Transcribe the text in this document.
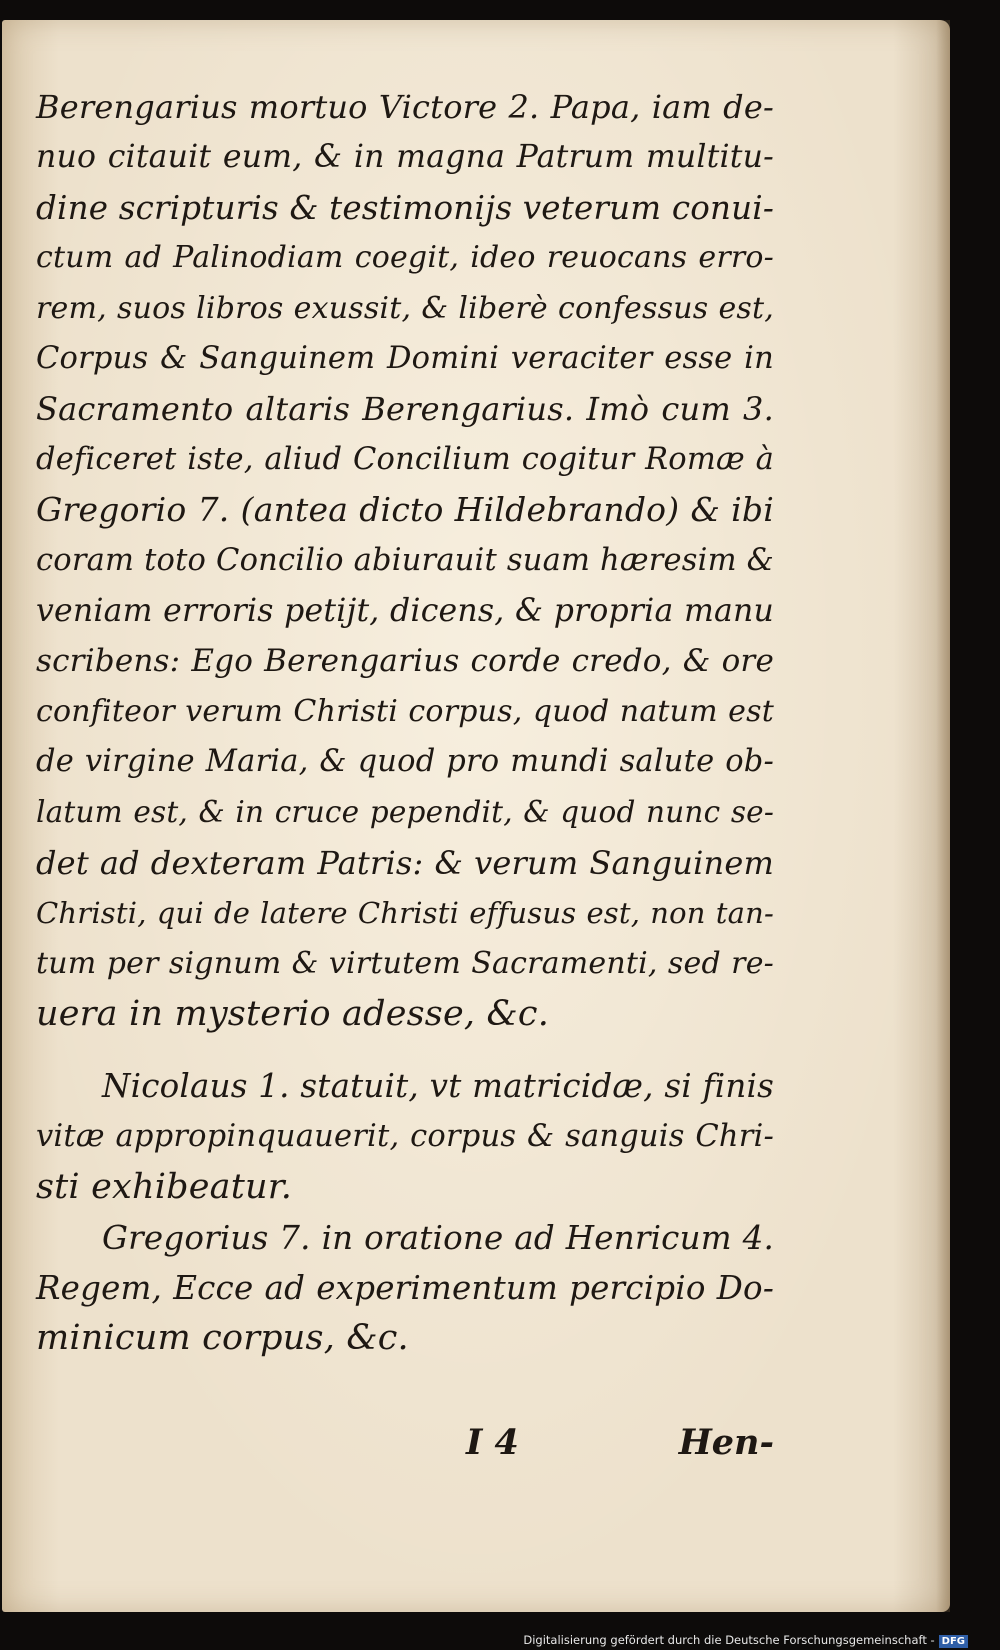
Berengarius mortuo Victore 2. Papa, iam de-
nuo citauit eum, & in magna Patrum multitu-
dine scripturis & testimonijs veterum conui-
ctum ad Palinodiam coegit, ideo reuocans erro-
rem, suos libros exussit, & liberè confessus est,
Corpus & Sanguinem Domini veraciter esse in
Sacramento altaris Berengarius. Imò cum 3.
deficeret iste, aliud Concilium cogitur Romæ à
Gregorio 7. (antea dicto Hildebrando) & ibi
coram toto Concilio abiurauit suam hæresim &
veniam erroris petijt, dicens, & propria manu
scribens: Ego Berengarius corde credo, & ore
confiteor verum Christi corpus, quod natum est
de virgine Maria, & quod pro mundi salute ob-
latum est, & in cruce pependit, & quod nunc se-
det ad dexteram Patris: & verum Sanguinem
Christi, qui de latere Christi effusus est, non tan-
tum per signum & virtutem Sacramenti, sed re-
uera in mysterio adesse, &c.
Nicolaus 1. statuit, vt matricidæ, si finis
vitæ appropinquauerit, corpus & sanguis Chri-
sti exhibeatur.
Gregorius 7. in oratione ad Henricum 4.
Regem, Ecce ad experimentum percipio Do-
minicum corpus, &c.
I 4	Hen-
Digitalisierung gefördert durch die Deutsche Forschungsgemeinschaft - DFG
